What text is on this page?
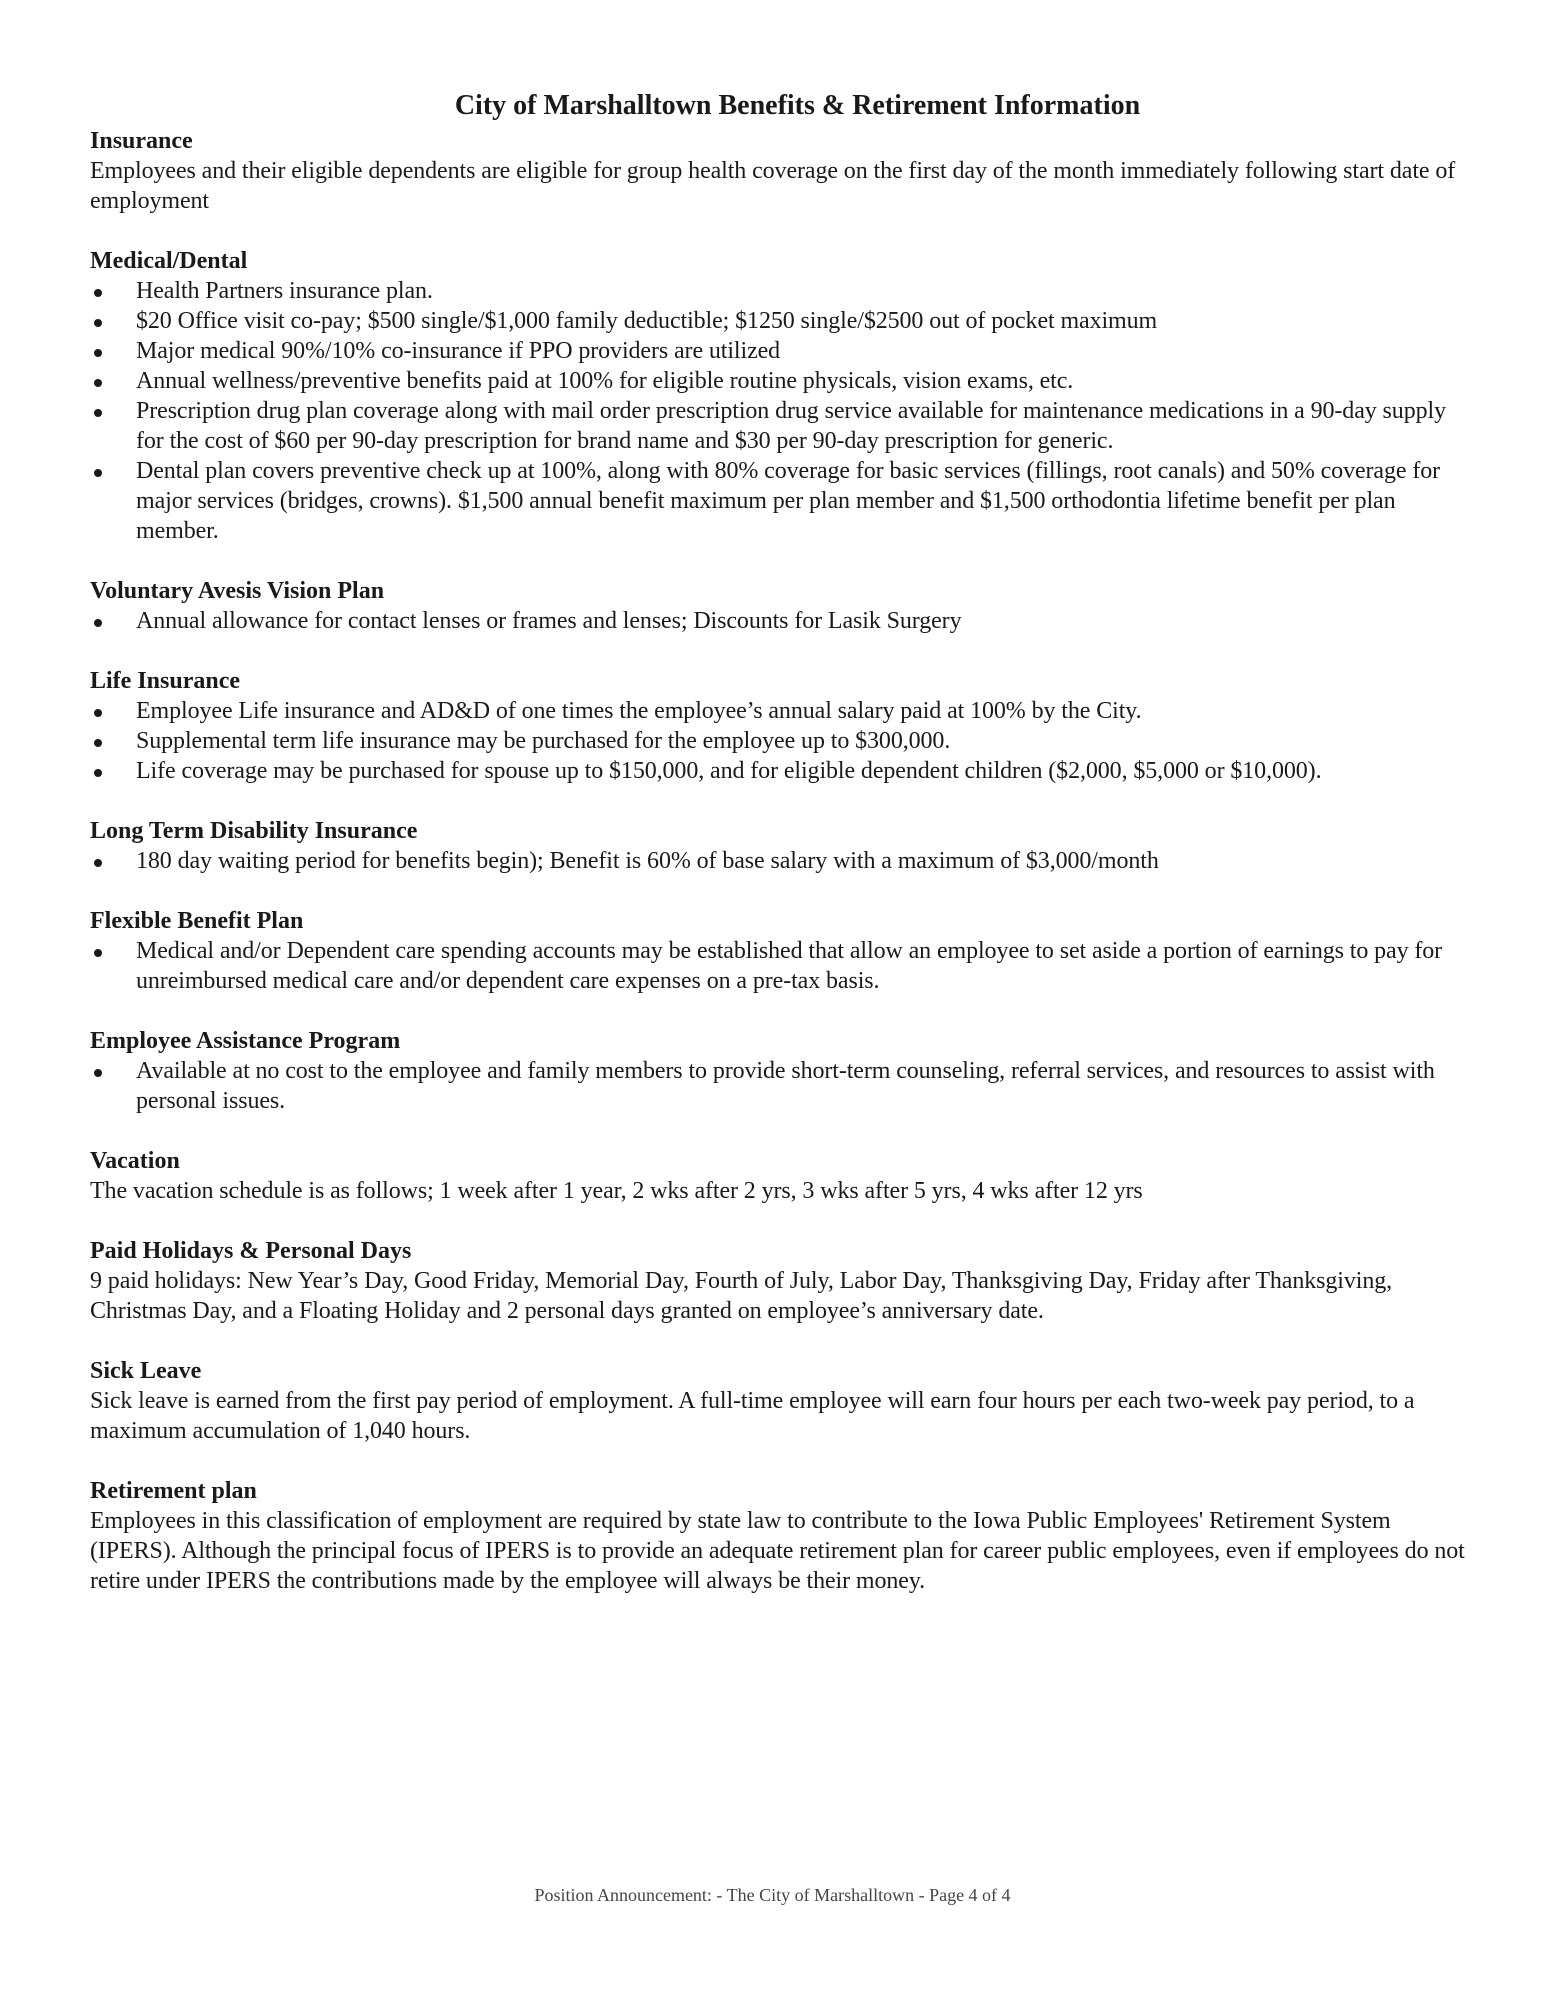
City of Marshalltown Benefits & Retirement Information
Insurance

Employees and their eligible dependents are eligible for group health coverage on the first day of the month immediately following start date of employment

Medical/Dental
Health Partners insurance plan.
$20 Office visit co-pay; $500 single/$1,000 family deductible; $1250 single/$2500 out of pocket maximum
Major medical 90%/10% co-insurance if PPO providers are utilized
Annual wellness/preventive benefits paid at 100% for eligible routine physicals, vision exams, etc.
Prescription drug plan coverage along with mail order prescription drug service available for maintenance medications in a 90-day supply for the cost of $60 per 90-day prescription for brand name and $30 per 90-day prescription for generic.
Dental plan covers preventive check up at 100%, along with 80% coverage for basic services (fillings, root canals) and 50% coverage for major services (bridges, crowns). $1,500 annual benefit maximum per plan member and $1,500 orthodontia lifetime benefit per plan member.
Voluntary Avesis Vision Plan
Annual allowance for contact lenses or frames and lenses; Discounts for Lasik Surgery
Life Insurance
Employee Life insurance and AD&D of one times the employee’s annual salary paid at 100% by the City.
Supplemental term life insurance may be purchased for the employee up to $300,000.
Life coverage may be purchased for spouse up to $150,000, and for eligible dependent children ($2,000, $5,000 or $10,000).
Long Term Disability Insurance
180 day waiting period for benefits begin); Benefit is 60% of base salary with a maximum of $3,000/month
Flexible Benefit Plan
Medical and/or Dependent care spending accounts may be established that allow an employee to set aside a portion of earnings to pay for unreimbursed medical care and/or dependent care expenses on a pre-tax basis.
Employee Assistance Program
Available at no cost to the employee and family members to provide short-term counseling, referral services, and resources to assist with personal issues.
Vacation

The vacation schedule is as follows; 1 week after 1 year, 2 wks after 2 yrs, 3 wks after 5 yrs, 4 wks after 12 yrs

Paid Holidays & Personal Days

9 paid holidays: New Year’s Day, Good Friday, Memorial Day, Fourth of July, Labor Day, Thanksgiving Day, Friday after Thanksgiving, Christmas Day, and a Floating Holiday and 2 personal days granted on employee’s anniversary date.

Sick Leave

Sick leave is earned from the first pay period of employment. A full-time employee will earn four hours per each two-week pay period, to a maximum accumulation of 1,040 hours.

Retirement plan

Employees in this classification of employment are required by state law to contribute to the Iowa Public Employees' Retirement System (IPERS). Although the principal focus of IPERS is to provide an adequate retirement plan for career public employees, even if employees do not retire under IPERS the contributions made by the employee will always be their money.

Position Announcement: - The City of Marshalltown - Page 4 of 4
